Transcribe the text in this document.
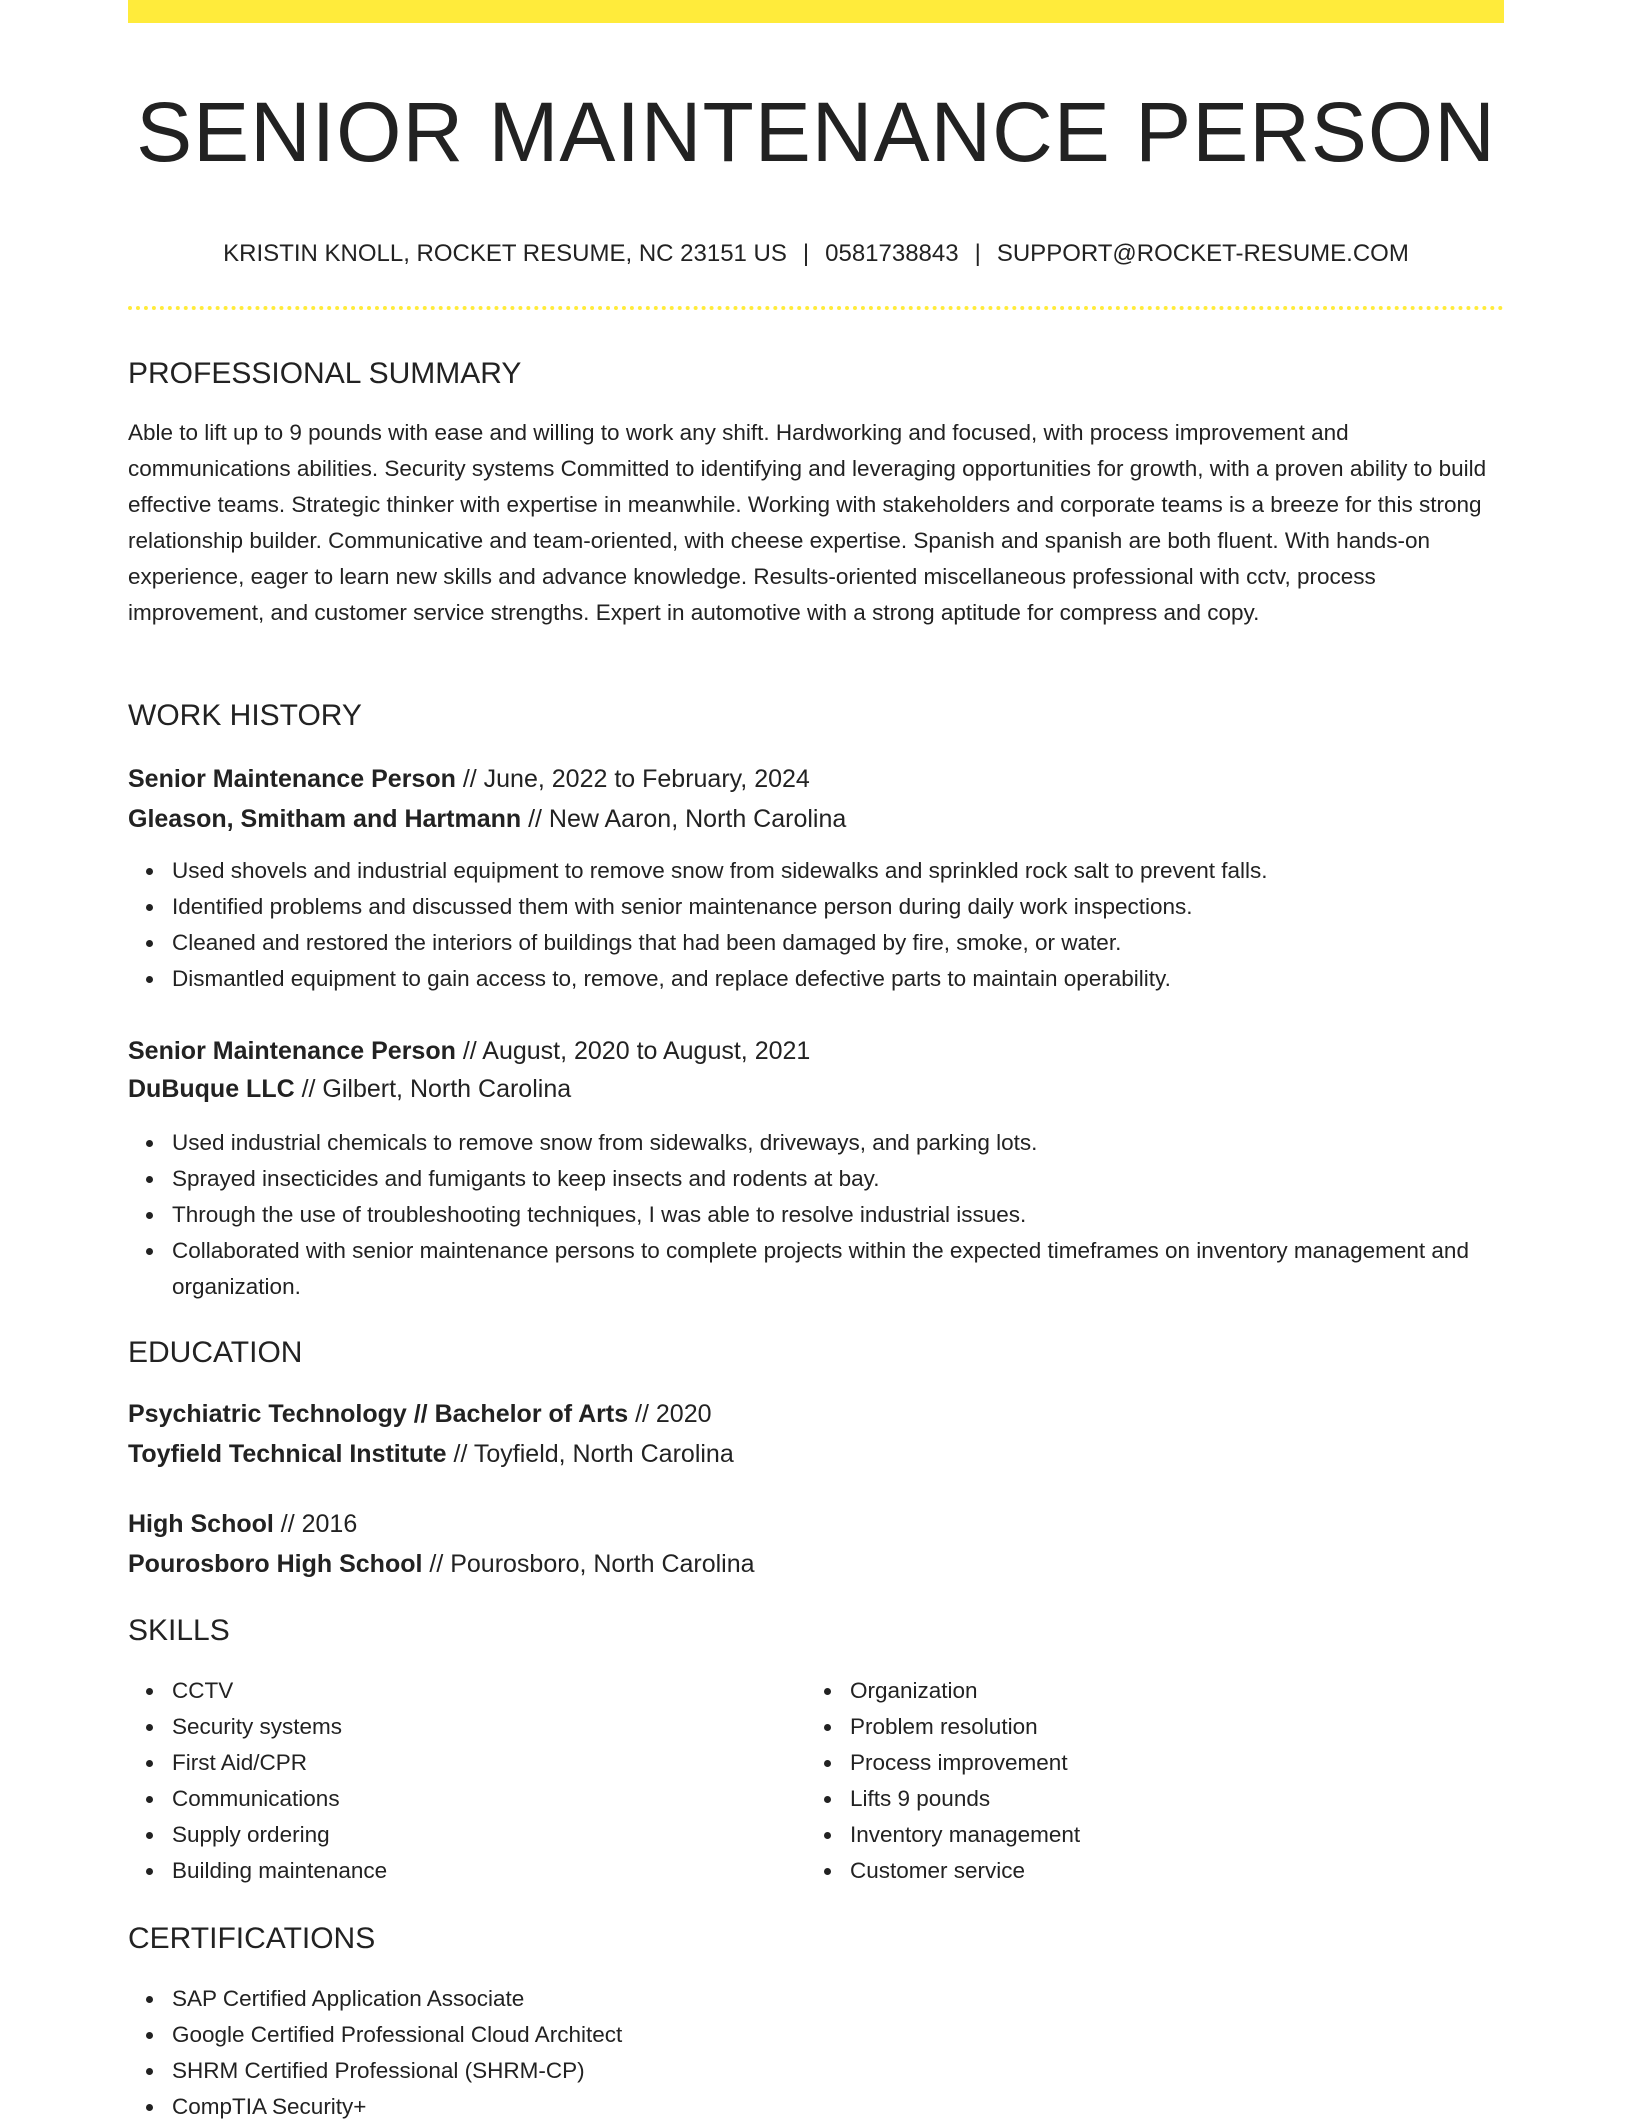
SENIOR MAINTENANCE PERSON
KRISTIN KNOLL, ROCKET RESUME, NC 23151 US | 0581738843 | SUPPORT@ROCKET-RESUME.COM
PROFESSIONAL SUMMARY
Able to lift up to 9 pounds with ease and willing to work any shift. Hardworking and focused, with process improvement and communications abilities. Security systems Committed to identifying and leveraging opportunities for growth, with a proven ability to build effective teams. Strategic thinker with expertise in meanwhile. Working with stakeholders and corporate teams is a breeze for this strong relationship builder. Communicative and team-oriented, with cheese expertise. Spanish and spanish are both fluent. With hands-on experience, eager to learn new skills and advance knowledge. Results-oriented miscellaneous professional with cctv, process improvement, and customer service strengths. Expert in automotive with a strong aptitude for compress and copy.
WORK HISTORY
Senior Maintenance Person // June, 2022 to February, 2024
Gleason, Smitham and Hartmann // New Aaron, North Carolina
Used shovels and industrial equipment to remove snow from sidewalks and sprinkled rock salt to prevent falls.
Identified problems and discussed them with senior maintenance person during daily work inspections.
Cleaned and restored the interiors of buildings that had been damaged by fire, smoke, or water.
Dismantled equipment to gain access to, remove, and replace defective parts to maintain operability.
Senior Maintenance Person // August, 2020 to August, 2021
DuBuque LLC // Gilbert, North Carolina
Used industrial chemicals to remove snow from sidewalks, driveways, and parking lots.
Sprayed insecticides and fumigants to keep insects and rodents at bay.
Through the use of troubleshooting techniques, I was able to resolve industrial issues.
Collaborated with senior maintenance persons to complete projects within the expected timeframes on inventory management and organization.
EDUCATION
Psychiatric Technology // Bachelor of Arts // 2020
Toyfield Technical Institute // Toyfield, North Carolina
High School // 2016
Pourosboro High School // Pourosboro, North Carolina
SKILLS
CCTV
Security systems
First Aid/CPR
Communications
Supply ordering
Building maintenance
Organization
Problem resolution
Process improvement
Lifts 9 pounds
Inventory management
Customer service
CERTIFICATIONS
SAP Certified Application Associate
Google Certified Professional Cloud Architect
SHRM Certified Professional (SHRM-CP)
CompTIA Security+
